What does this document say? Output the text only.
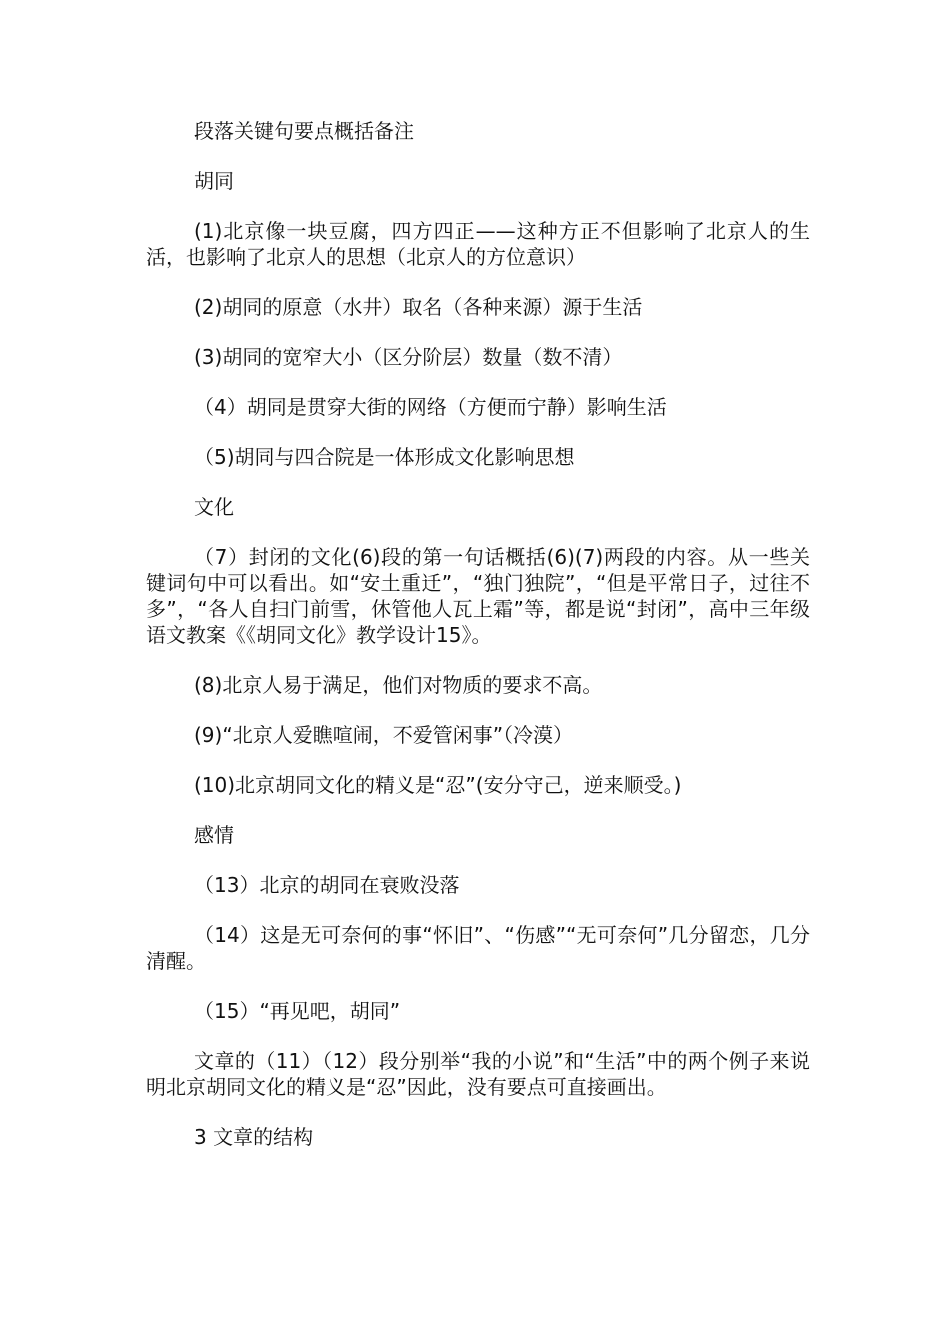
段落关键句要点概括备注

胡同

(1)北京像一块豆腐，四方四正——这种方正不但影响了北京人的生活，也影响了北京人的思想（北京人的方位意识）

(2)胡同的原意（水井）取名（各种来源）源于生活

(3)胡同的宽窄大小（区分阶层）数量（数不清）

（4）胡同是贯穿大街的网络（方便而宁静）影响生活

（5)胡同与四合院是一体形成文化影响思想

文化

（7）封闭的文化(6)段的第一句话概括(6)(7)两段的内容。从一些关键词句中可以看出。如“安土重迁”，“独门独院”，“但是平常日子，过往不多”，“各人自扫门前雪，休管他人瓦上霜”等，都是说“封闭”，高中三年级语文教案《《胡同文化》教学设计15》。

(8)北京人易于满足，他们对物质的要求不高。

(9)“北京人爱瞧喧闹，不爱管闲事”（冷漠）

(10)北京胡同文化的精义是“忍”(安分守己，逆来顺受。)

感情

（13）北京的胡同在衰败没落

（14）这是无可奈何的事“怀旧”、“伤感”“无可奈何”几分留恋，几分清醒。

（15）“再见吧，胡同”

文章的（11）（12）段分别举“我的小说”和“生活”中的两个例子来说明北京胡同文化的精义是“忍”因此，没有要点可直接画出。

3 文章的结构
